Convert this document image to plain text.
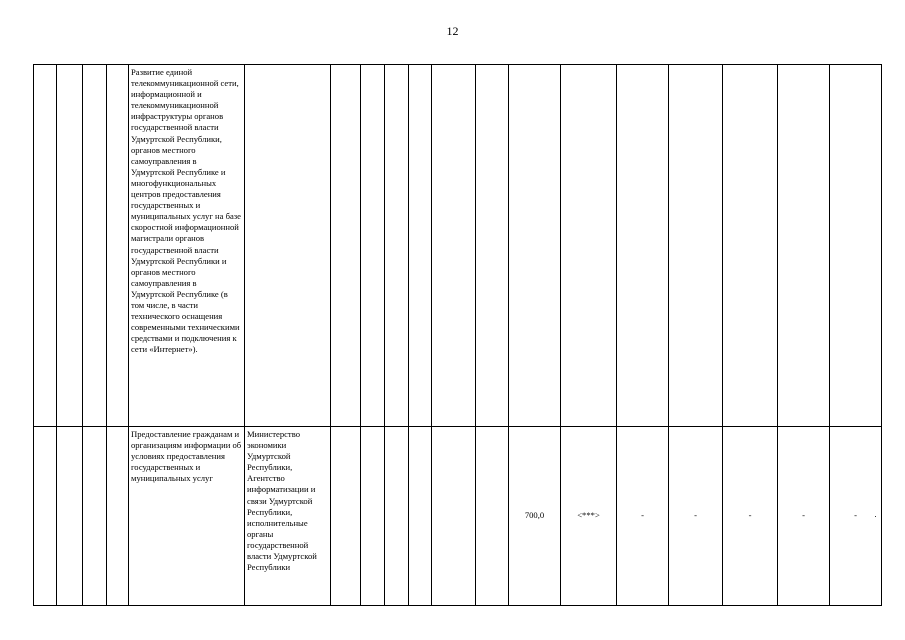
12
				Развитие единой телекоммуникационной сети, информационной и телекоммуникационной инфраструктуры органов государственной власти Удмуртской Республики, органов местного самоуправления в Удмуртской Республике и многофункциональных центров предоставления государственных и муниципальных услуг на базе скоростной информационной магистрали органов государственной власти Удмуртской Республики и органов местного самоуправления в Удмуртской Республике (в том числе, в части технического оснащения современными техническими средствами и подключения к сети «Интернет»).														
				Предоставление гражданам и организациям информации об условиях предоставления государственных и муниципальных услуг	Министерство экономики Удмуртской Республики, Агентство информатизации и связи Удмуртской Республики, исполнительные органы государственной власти Удмуртской Республики							700,0	<***>	-	-	-	-	-
